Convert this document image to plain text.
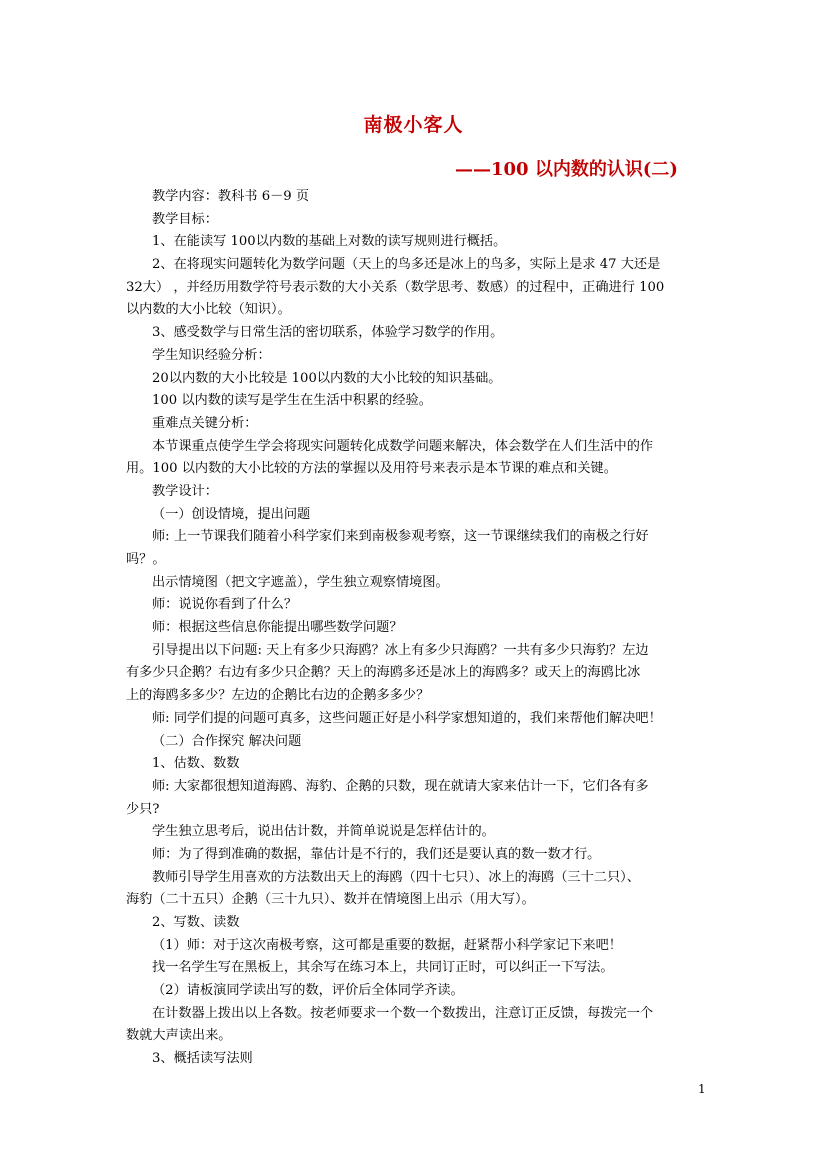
南极小客人
——100 以内数的认识(二)
教学内容：教科书 6－9 页
教学目标：
1、在能读写 100以内数的基础上对数的读写规则进行概括。
2、在将现实问题转化为数学问题（天上的鸟多还是冰上的鸟多，实际上是求 47 大还是
32大） ，并经历用数学符号表示数的大小关系（数学思考、数感）的过程中，正确进行 100
以内数的大小比较（知识）。
3、感受数学与日常生活的密切联系，体验学习数学的作用。
学生知识经验分析：
20以内数的大小比较是 100以内数的大小比较的知识基础。
100 以内数的读写是学生在生活中积累的经验。
重难点关键分析：
本节课重点使学生学会将现实问题转化成数学问题来解决，体会数学在人们生活中的作
用。100 以内数的大小比较的方法的掌握以及用符号来表示是本节课的难点和关键。
教学设计：
（一）创设情境，提出问题
师: 上一节课我们随着小科学家们来到南极参观考察，这一节课继续我们的南极之行好
吗？。
出示情境图（把文字遮盖），学生独立观察情境图。
师：说说你看到了什么？
师：根据这些信息你能提出哪些数学问题？
引导提出以下问题: 天上有多少只海鸥？冰上有多少只海鸥？一共有多少只海豹？左边
有多少只企鹅？右边有多少只企鹅？天上的海鸥多还是冰上的海鸥多？或天上的海鸥比冰
上的海鸥多多少？左边的企鹅比右边的企鹅多多少？
师: 同学们提的问题可真多，这些问题正好是小科学家想知道的，我们来帮他们解决吧！
（二）合作探究 解决问题
1、估数、数数
师: 大家都很想知道海鸥、海豹、企鹅的只数，现在就请大家来估计一下，它们各有多
少只?
学生独立思考后，说出估计数，并简单说说是怎样估计的。
师：为了得到准确的数据，靠估计是不行的，我们还是要认真的数一数才行。
教师引导学生用喜欢的方法数出天上的海鸥（四十七只）、冰上的海鸥（三十二只）、
海豹（二十五只）企鹅（三十九只）、数并在情境图上出示（用大写）。
2、写数、读数
（1）师：对于这次南极考察，这可都是重要的数据，赶紧帮小科学家记下来吧！
找一名学生写在黑板上，其余写在练习本上，共同订正时，可以纠正一下写法。
（2）请板演同学读出写的数，评价后全体同学齐读。
在计数器上拨出以上各数。按老师要求一个数一个数拨出，注意订正反馈，每拨完一个
数就大声读出来。
3、概括读写法则
1
